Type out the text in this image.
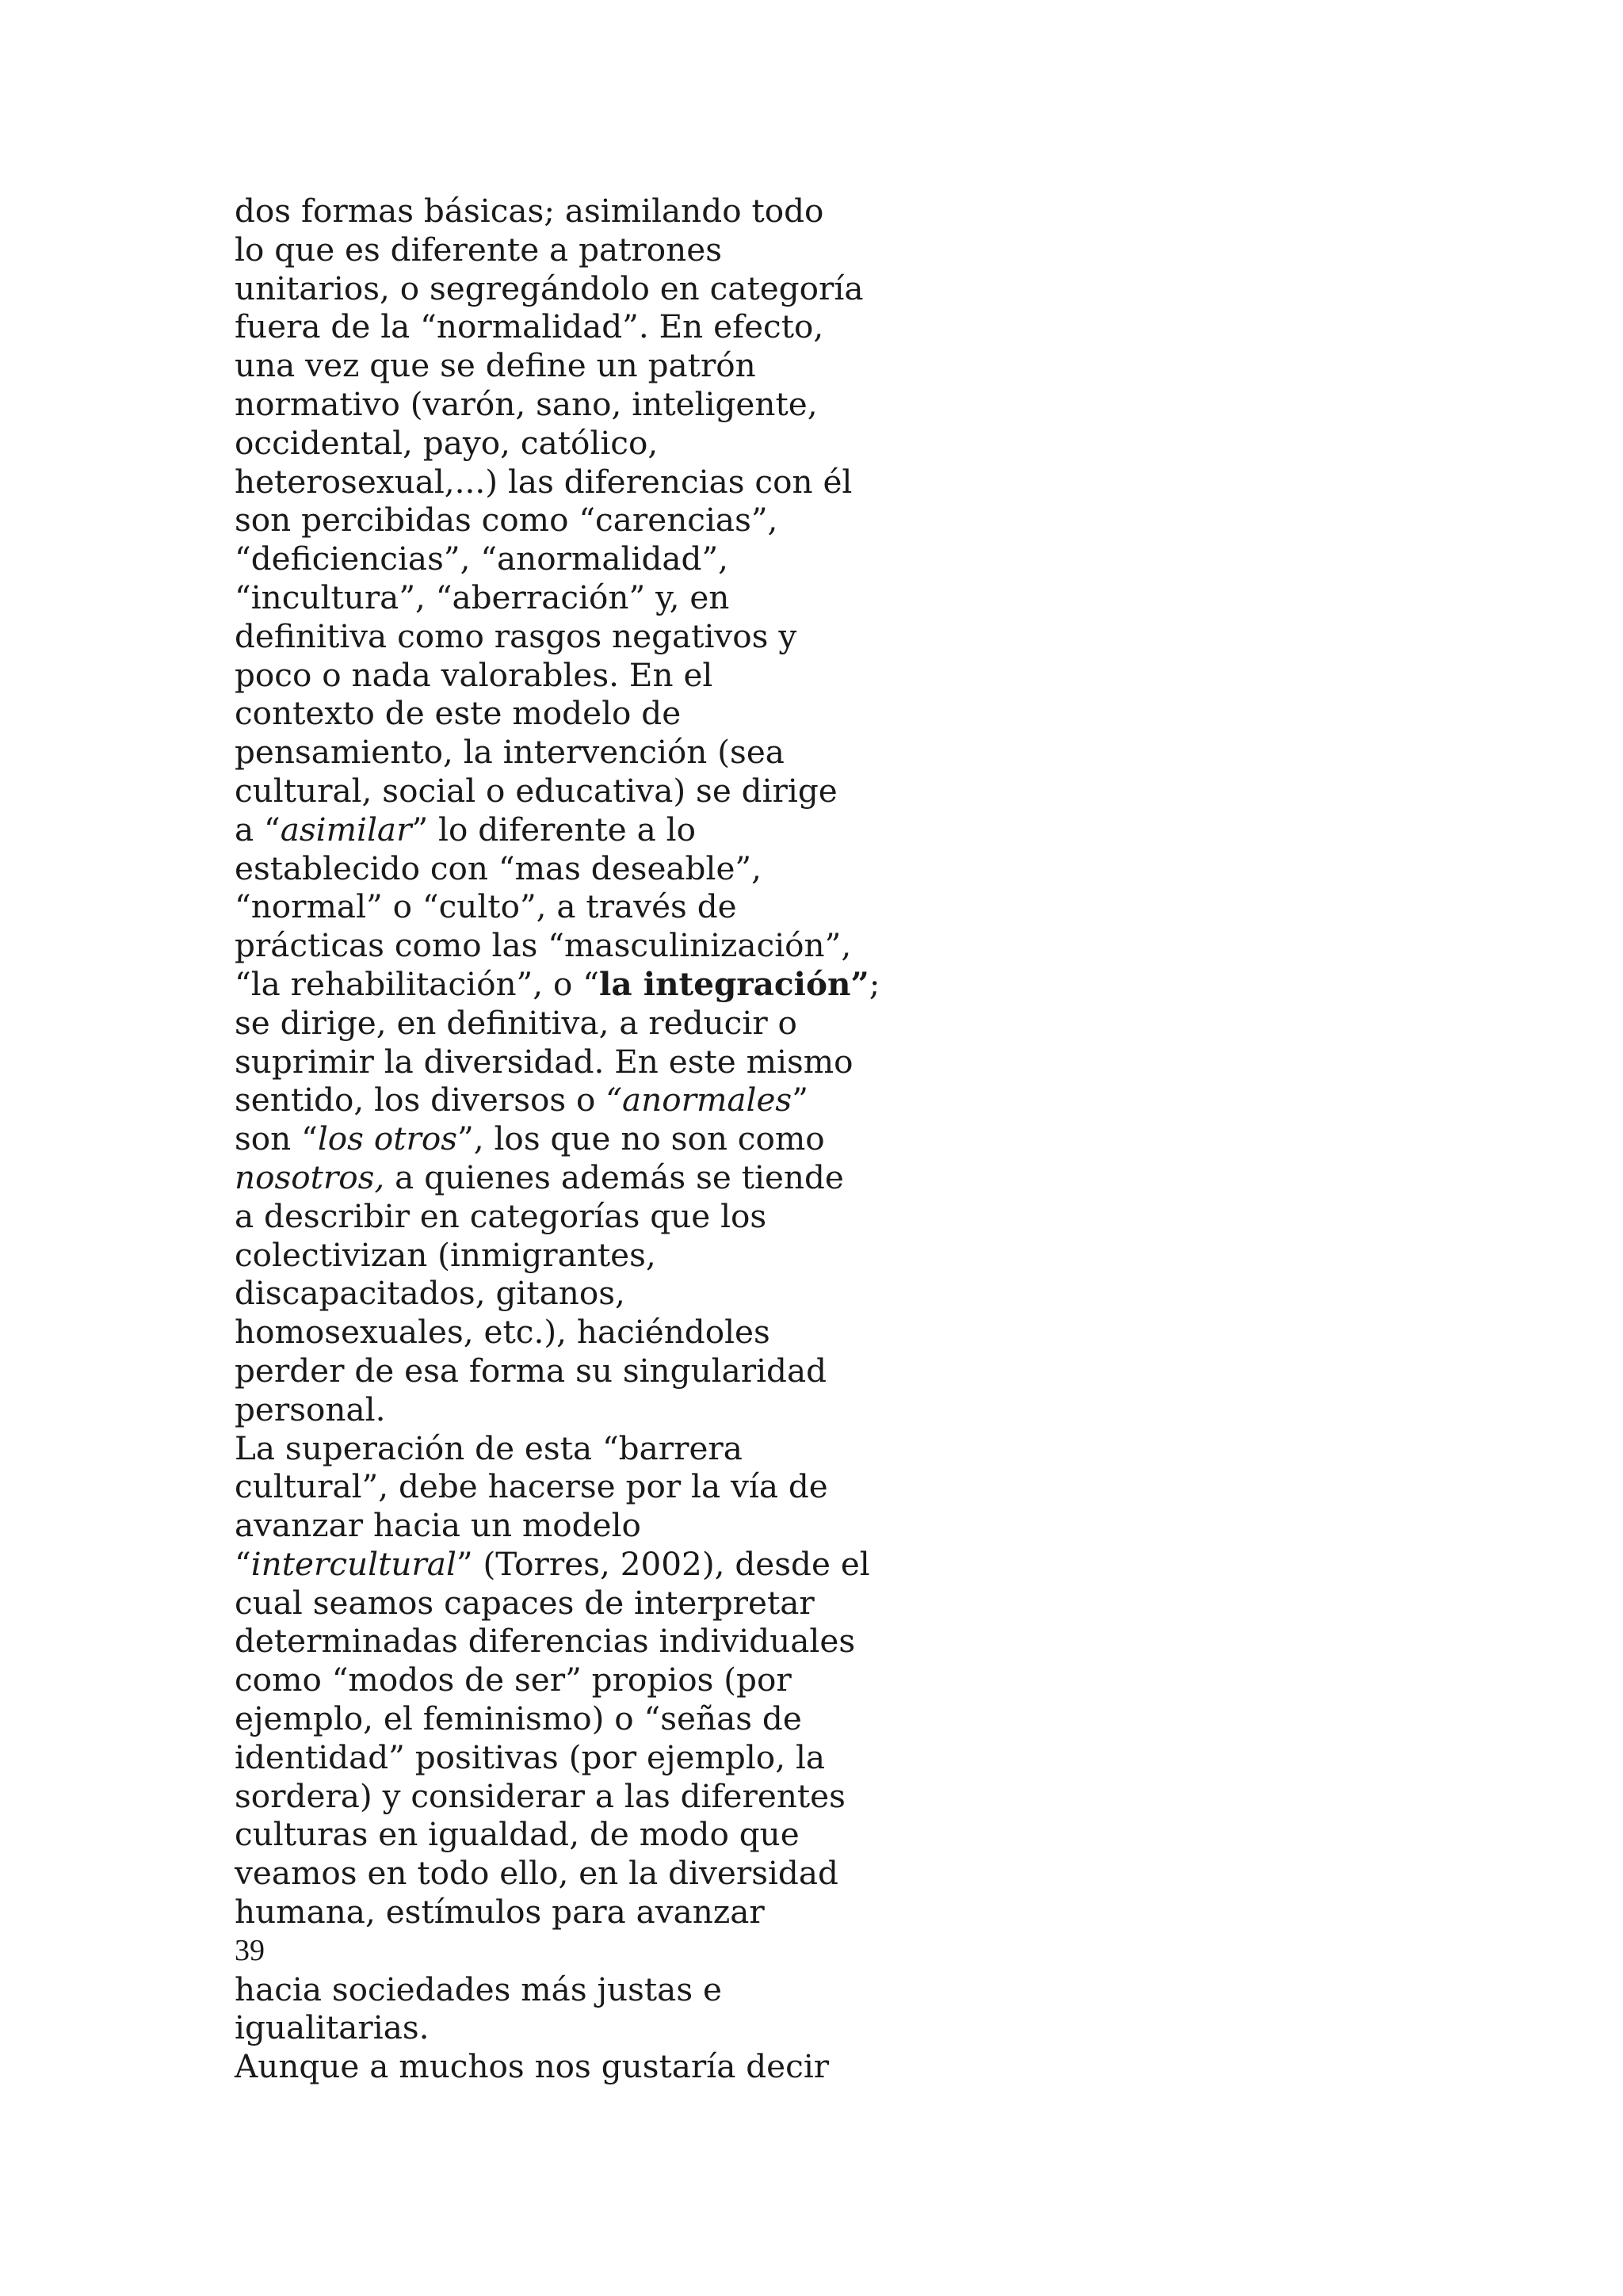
dos formas básicas; asimilando todo
lo que es diferente a patrones
unitarios, o segregándolo en categoría
fuera de la “normalidad”. En efecto,
una vez que se define un patrón
normativo (varón, sano, inteligente,
occidental, payo, católico,
heterosexual,...) las diferencias con él
son percibidas como “carencias”,
“deficiencias”, “anormalidad”,
“incultura”, “aberración” y, en
definitiva como rasgos negativos y
poco o nada valorables. En el
contexto de este modelo de
pensamiento, la intervención (sea
cultural, social o educativa) se dirige
a “asimilar” lo diferente a lo
establecido con “mas deseable”,
“normal” o “culto”, a través de
prácticas como las “masculinización”,
“la rehabilitación”, o “la integración”;
se dirige, en definitiva, a reducir o
suprimir la diversidad. En este mismo
sentido, los diversos o “anormales”
son “los otros”, los que no son como
nosotros, a quienes además se tiende
a describir en categorías que los
colectivizan (inmigrantes,
discapacitados, gitanos,
homosexuales, etc.), haciéndoles
perder de esa forma su singularidad
personal.
La superación de esta “barrera
cultural”, debe hacerse por la vía de
avanzar hacia un modelo
“intercultural” (Torres, 2002), desde el
cual seamos capaces de interpretar
determinadas diferencias individuales
como “modos de ser” propios (por
ejemplo, el feminismo) o “señas de
identidad” positivas (por ejemplo, la
sordera) y considerar a las diferentes
culturas en igualdad, de modo que
veamos en todo ello, en la diversidad
humana, estímulos para avanzar
39
hacia sociedades más justas e
igualitarias.
Aunque a muchos nos gustaría decir
